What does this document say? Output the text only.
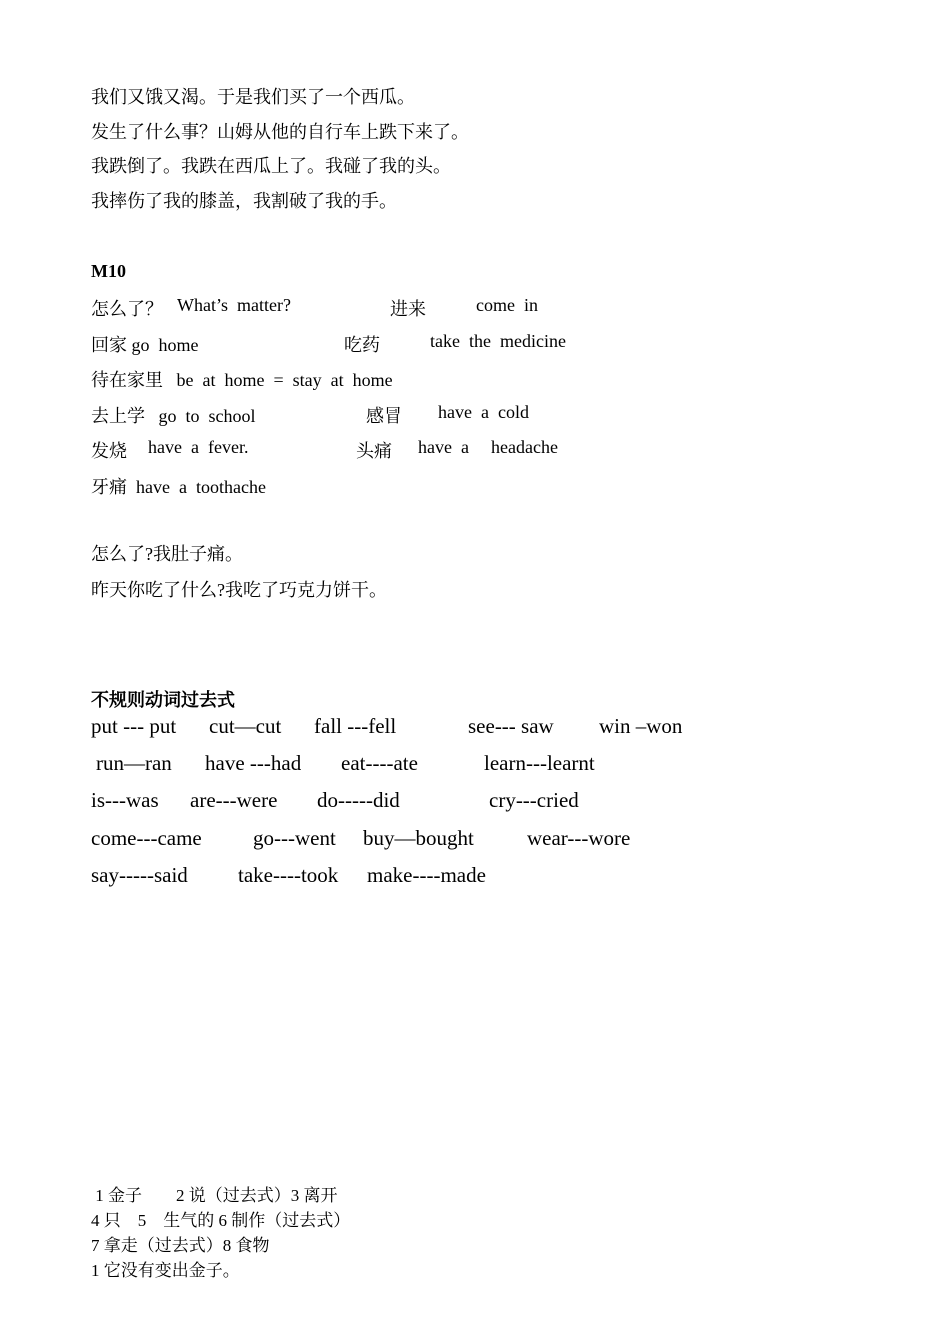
我们又饿又渴。于是我们买了一个西瓜。
发生了什么事？山姆从他的自行车上跌下来了。
我跌倒了。我跌在西瓜上了。我碰了我的头。
我摔伤了我的膝盖，我割破了我的手。
M10
怎么了？ What’s  matter?	进来	come  in
回家 go  home	吃药	take  the  medicine
待在家里   be  at  home  =  stay  at  home
去上学   go  to  school	感冒 have  a  cold
发烧 have  a  fever.	头痛 have  a headache
牙痛  have  a  toothache
怎么了?我肚子痛。
昨天你吃了什么?我吃了巧克力饼干。
不规则动词过去式
put --- put cut—cut fall ---fell	see--- saw win –won
run—ran have ---had eat----ate	learn---learnt
is---was are---were do-----did	cry---cried
come---came go---went buy—bought	wear---wore
say-----said take----took make----made
1 金子        2 说（过去式）3 离开
4 只    5    生气的 6 制作（过去式）
7 拿走（过去式）8 食物
1 它没有变出金子。
